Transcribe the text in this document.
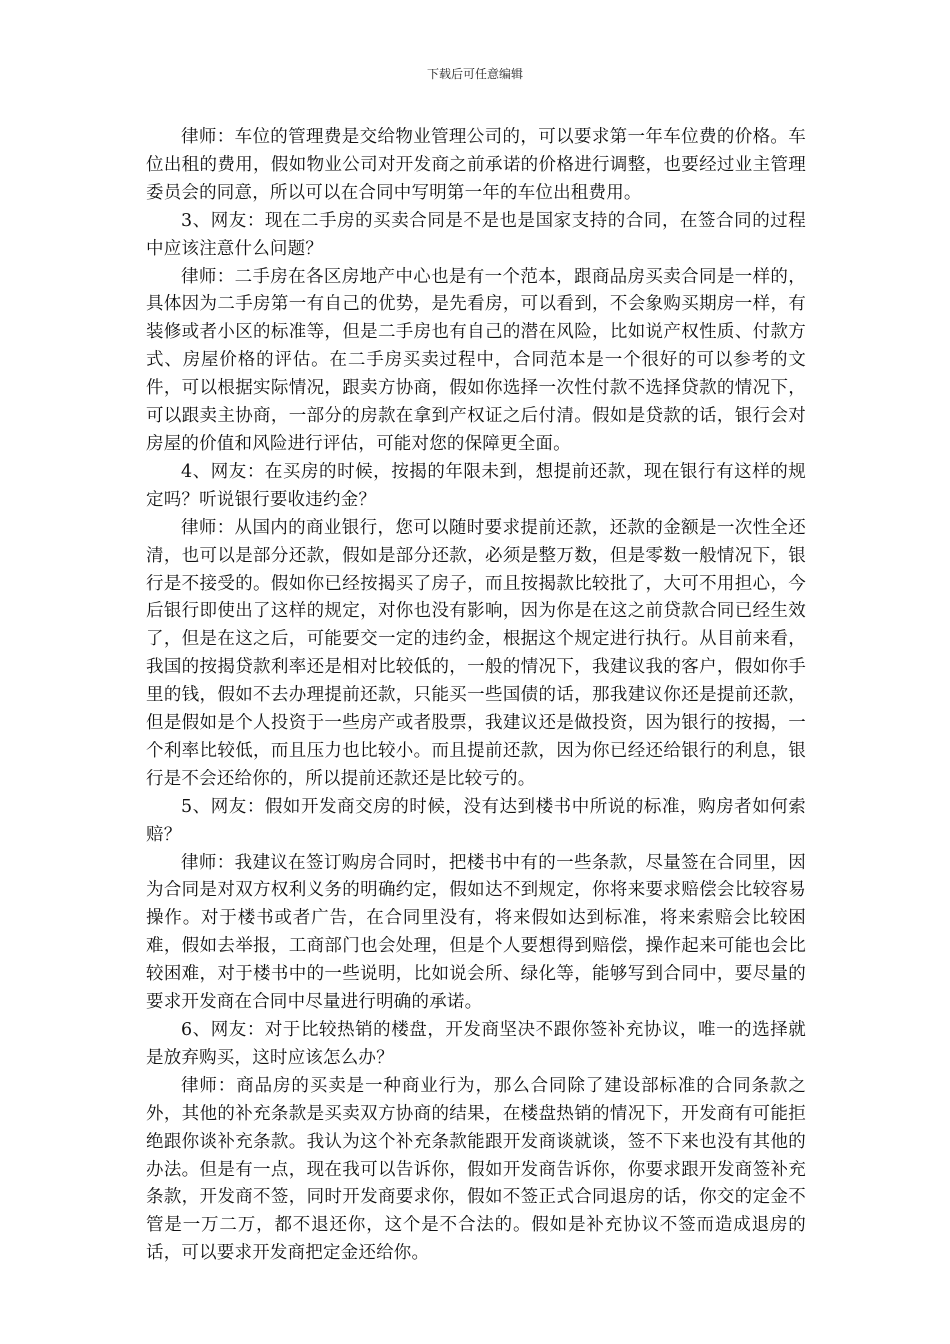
下载后可任意编辑

律师：车位的管理费是交给物业管理公司的，可以要求第一年车位费的价格。车位出租的费用，假如物业公司对开发商之前承诺的价格进行调整，也要经过业主管理委员会的同意，所以可以在合同中写明第一年的车位出租费用。

3、网友：现在二手房的买卖合同是不是也是国家支持的合同，在签合同的过程中应该注意什么问题？

律师：二手房在各区房地产中心也是有一个范本，跟商品房买卖合同是一样的，具体因为二手房第一有自己的优势，是先看房，可以看到，不会象购买期房一样，有装修或者小区的标准等，但是二手房也有自己的潜在风险，比如说产权性质、付款方式、房屋价格的评估。在二手房买卖过程中，合同范本是一个很好的可以参考的文件，可以根据实际情况，跟卖方协商，假如你选择一次性付款不选择贷款的情况下，可以跟卖主协商，一部分的房款在拿到产权证之后付清。假如是贷款的话，银行会对房屋的价值和风险进行评估，可能对您的保障更全面。

4、网友：在买房的时候，按揭的年限未到，想提前还款，现在银行有这样的规定吗？听说银行要收违约金？

律师：从国内的商业银行，您可以随时要求提前还款，还款的金额是一次性全还清，也可以是部分还款，假如是部分还款，必须是整万数，但是零数一般情况下，银行是不接受的。假如你已经按揭买了房子，而且按揭款比较批了，大可不用担心，今后银行即使出了这样的规定，对你也没有影响，因为你是在这之前贷款合同已经生效了，但是在这之后，可能要交一定的违约金，根据这个规定进行执行。从目前来看，我国的按揭贷款利率还是相对比较低的，一般的情况下，我建议我的客户，假如你手里的钱，假如不去办理提前还款，只能买一些国债的话，那我建议你还是提前还款，但是假如是个人投资于一些房产或者股票，我建议还是做投资，因为银行的按揭，一个利率比较低，而且压力也比较小。而且提前还款，因为你已经还给银行的利息，银行是不会还给你的，所以提前还款还是比较亏的。

5、网友：假如开发商交房的时候，没有达到楼书中所说的标准，购房者如何索赔？

律师：我建议在签订购房合同时，把楼书中有的一些条款，尽量签在合同里，因为合同是对双方权利义务的明确约定，假如达不到规定，你将来要求赔偿会比较容易操作。对于楼书或者广告，在合同里没有，将来假如达到标准，将来索赔会比较困难，假如去举报，工商部门也会处理，但是个人要想得到赔偿，操作起来可能也会比较困难，对于楼书中的一些说明，比如说会所、绿化等，能够写到合同中，要尽量的要求开发商在合同中尽量进行明确的承诺。

6、网友：对于比较热销的楼盘，开发商坚决不跟你签补充协议，唯一的选择就是放弃购买，这时应该怎么办？

律师：商品房的买卖是一种商业行为，那么合同除了建设部标准的合同条款之外，其他的补充条款是买卖双方协商的结果，在楼盘热销的情况下，开发商有可能拒绝跟你谈补充条款。我认为这个补充条款能跟开发商谈就谈，签不下来也没有其他的办法。但是有一点，现在我可以告诉你，假如开发商告诉你，你要求跟开发商签补充条款，开发商不签，同时开发商要求你，假如不签正式合同退房的话，你交的定金不管是一万二万，都不退还你，这个是不合法的。假如是补充协议不签而造成退房的话，可以要求开发商把定金还给你。
